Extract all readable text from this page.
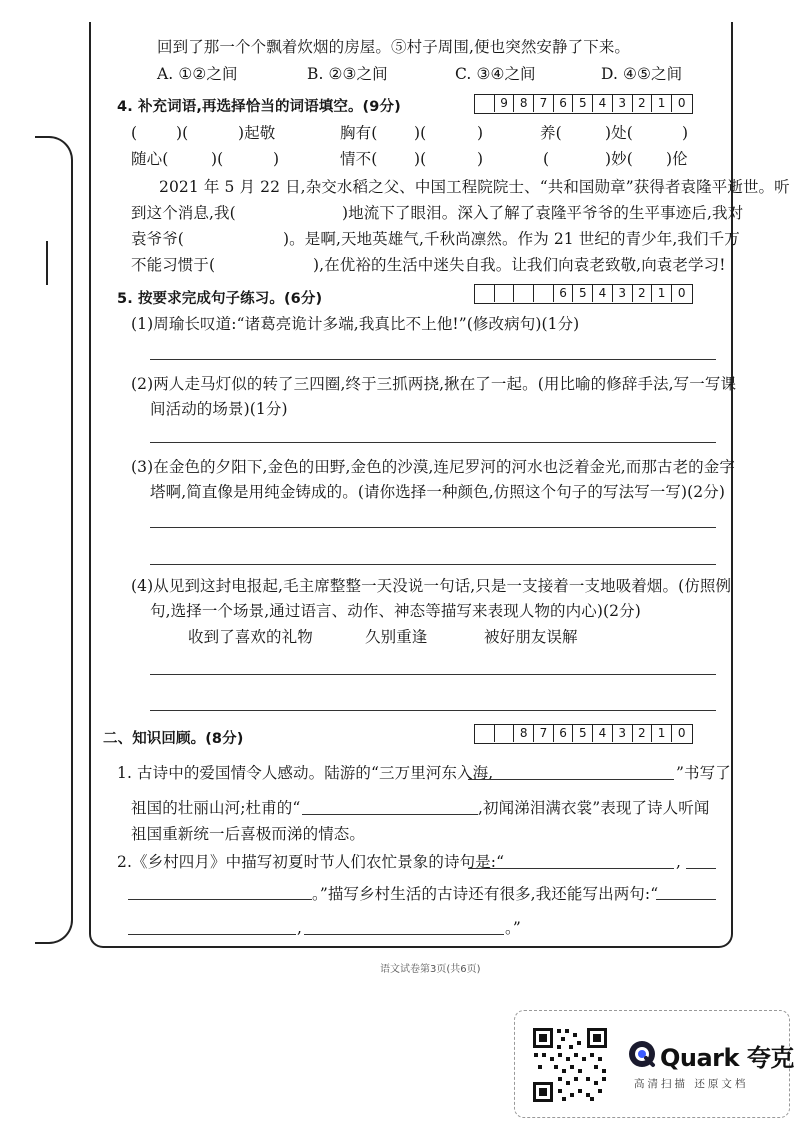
回到了那一个个飘着炊烟的房屋。⑤村子周围,便也突然安静了下来。
A. ①②之间	B. ②③之间	C. ③④之间	D. ④⑤之间
4. 补充词语,再选择恰当的词语填空。(9分)	9	8	7	6	5	4	3	2	1	0
(	)(	)起敬	胸有( )(	)	养(	)处(	)
随心(	)(	)	情不( )(	)	(	)妙( )伦
2021 年 5 月 22 日,杂交水稻之父、中国工程院院士、“共和国勋章”获得者袁隆平逝世。听
到这个消息,我(	)地流下了眼泪。深入了解了袁隆平爷爷的生平事迹后,我对
袁爷爷(	)。是啊,天地英雄气,千秋尚凛然。作为 21 世纪的青少年,我们千万
不能习惯于(	),在优裕的生活中迷失自我。让我们向袁老致敬,向袁老学习!
5. 按要求完成句子练习。(6分)	6	5	4	3	2	1	0
(1)周瑜长叹道:“诸葛亮诡计多端,我真比不上他!”(修改病句)(1分)
(2)两人走马灯似的转了三四圈,终于三抓两挠,揪在了一起。(用比喻的修辞手法,写一写课
间活动的场景)(1分)
(3)在金色的夕阳下,金色的田野,金色的沙漠,连尼罗河的河水也泛着金光,而那古老的金字
塔啊,简直像是用纯金铸成的。(请你选择一种颜色,仿照这个句子的写法写一写)(2分)
(4)从见到这封电报起,毛主席整整一天没说一句话,只是一支接着一支地吸着烟。(仿照例
句,选择一个场景,通过语言、动作、神态等描写来表现人物的内心)(2分)
收到了喜欢的礼物	久别重逢	被好朋友误解
二、知识回顾。(8分)	8	7	6	5	4	3	2	1	0
1. 古诗中的爱国情令人感动。陆游的“三万里河东入海,	”书写了
祖国的壮丽山河;杜甫的“	,初闻涕泪满衣裳”表现了诗人听闻
祖国重新统一后喜极而涕的情态。
2.《乡村四月》中描写初夏时节人们农忙景象的诗句是:“	,
。”描写乡村生活的古诗还有很多,我还能写出两句:“
,	。”
语文试卷第3页(共6页)
Quark 夸克
高清扫描 还原文档
